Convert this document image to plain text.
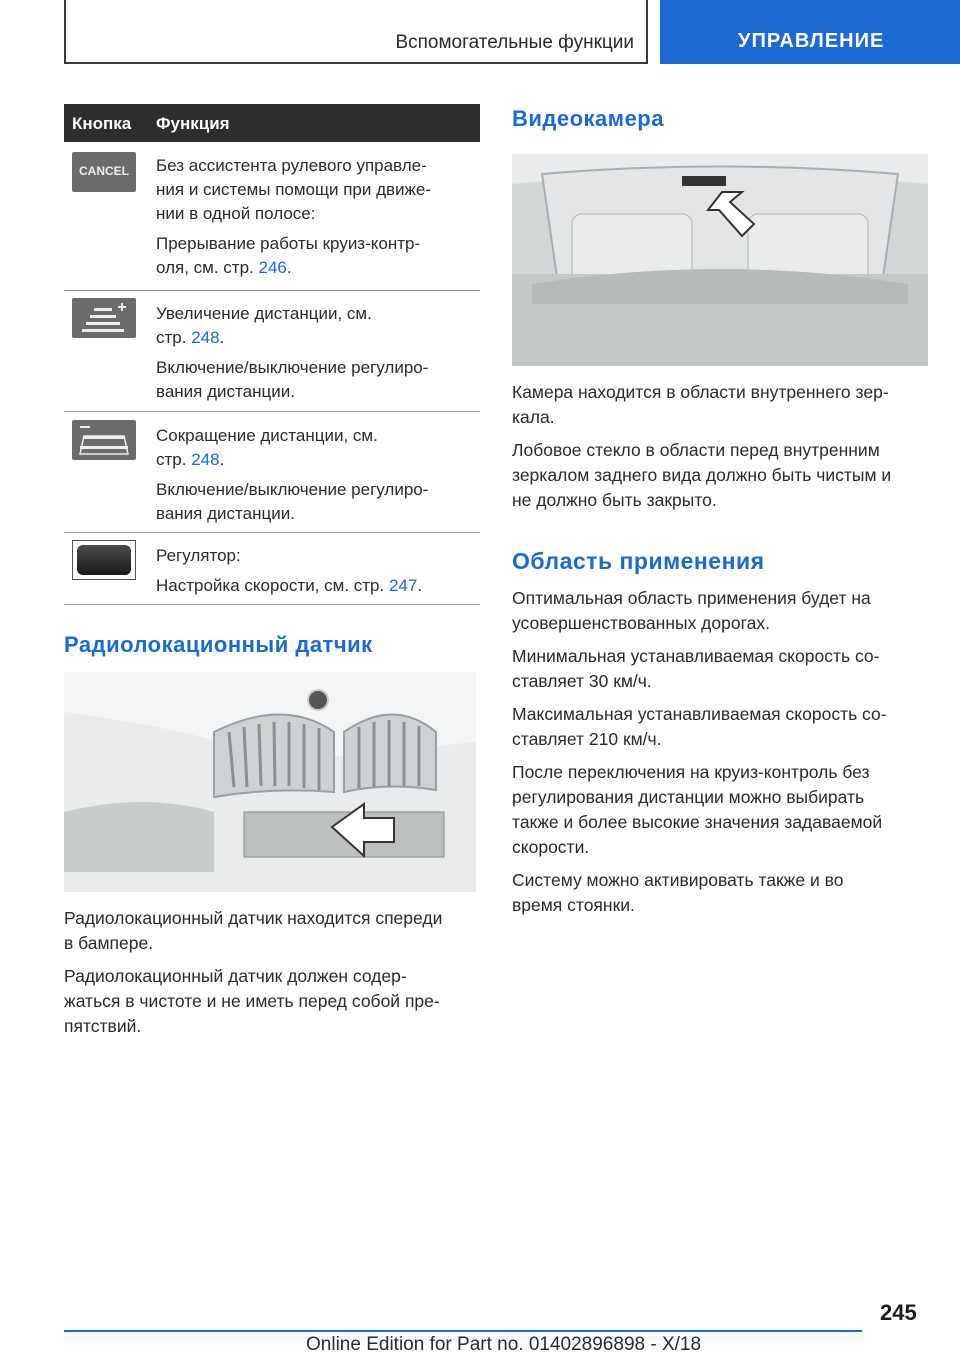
Вспомогательные функции	УПРАВЛЕНИЕ
Кнопка Функция
CANCEL	Без ассистента рулевого управле-
ния и системы помощи при движе-
нии в одной полосе:

Прерывание работы круиз-контр-
оля, см. стр. 246.

Увеличение дистанции, см.
стр. 248.

Включение/выключение регулиро-
вания дистанции.

Сокращение дистанции, см.
стр. 248.

Включение/выключение регулиро-
вания дистанции.

Регулятор:

Настройка скорости, см. стр. 247.

Радиолокационный датчик

Радиолокационный датчик находится спереди
в бампере.

Радиолокационный датчик должен содер-
жаться в чистоте и не иметь перед собой пре-
пятствий.

Видеокамера

Камера находится в области внутреннего зер-
кала.

Лобовое стекло в области перед внутренним
зеркалом заднего вида должно быть чистым и
не должно быть закрыто.

Область применения

Оптимальная область применения будет на
усовершенствованных дорогах.

Минимальная устанавливаемая скорость со-
ставляет 30 км/ч.

Максимальная устанавливаемая скорость со-
ставляет 210 км/ч.

После переключения на круиз-контроль без
регулирования дистанции можно выбирать
также и более высокие значения задаваемой
скорости.

Систему можно активировать также и во
время стоянки.

245
Online Edition for Part no. 01402896898 - X/18
